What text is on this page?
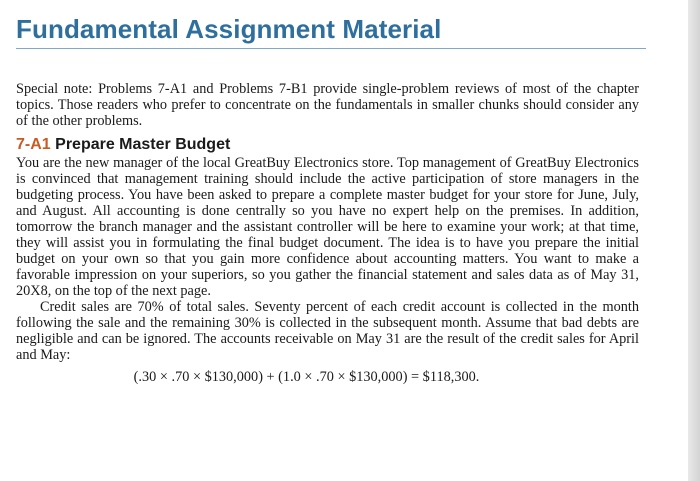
Fundamental Assignment Material

Special note: Problems 7-A1 and Problems 7-B1 provide single-problem reviews of most of the chapter topics. Those readers who prefer to concentrate on the fundamentals in smaller chunks should consider any of the other problems.

7-A1 Prepare Master Budget

You are the new manager of the local GreatBuy Electronics store. Top management of GreatBuy Electronics is convinced that management training should include the active participation of store managers in the budgeting process. You have been asked to prepare a complete master budget for your store for June, July, and August. All accounting is done centrally so you have no expert help on the premises. In addition, tomorrow the branch manager and the assistant controller will be here to examine your work; at that time, they will assist you in formulating the final budget document. The idea is to have you prepare the initial budget on your own so that you gain more confidence about accounting matters. You want to make a favorable impression on your superiors, so you gather the financial statement and sales data as of May 31, 20X8, on the top of the next page.

Credit sales are 70% of total sales. Seventy percent of each credit account is collected in the month following the sale and the remaining 30% is collected in the subsequent month. Assume that bad debts are negligible and can be ignored. The accounts receivable on May 31 are the result of the credit sales for April and May:

(.30 × .70 × $130,000) + (1.0 × .70 × $130,000) = $118,300.
